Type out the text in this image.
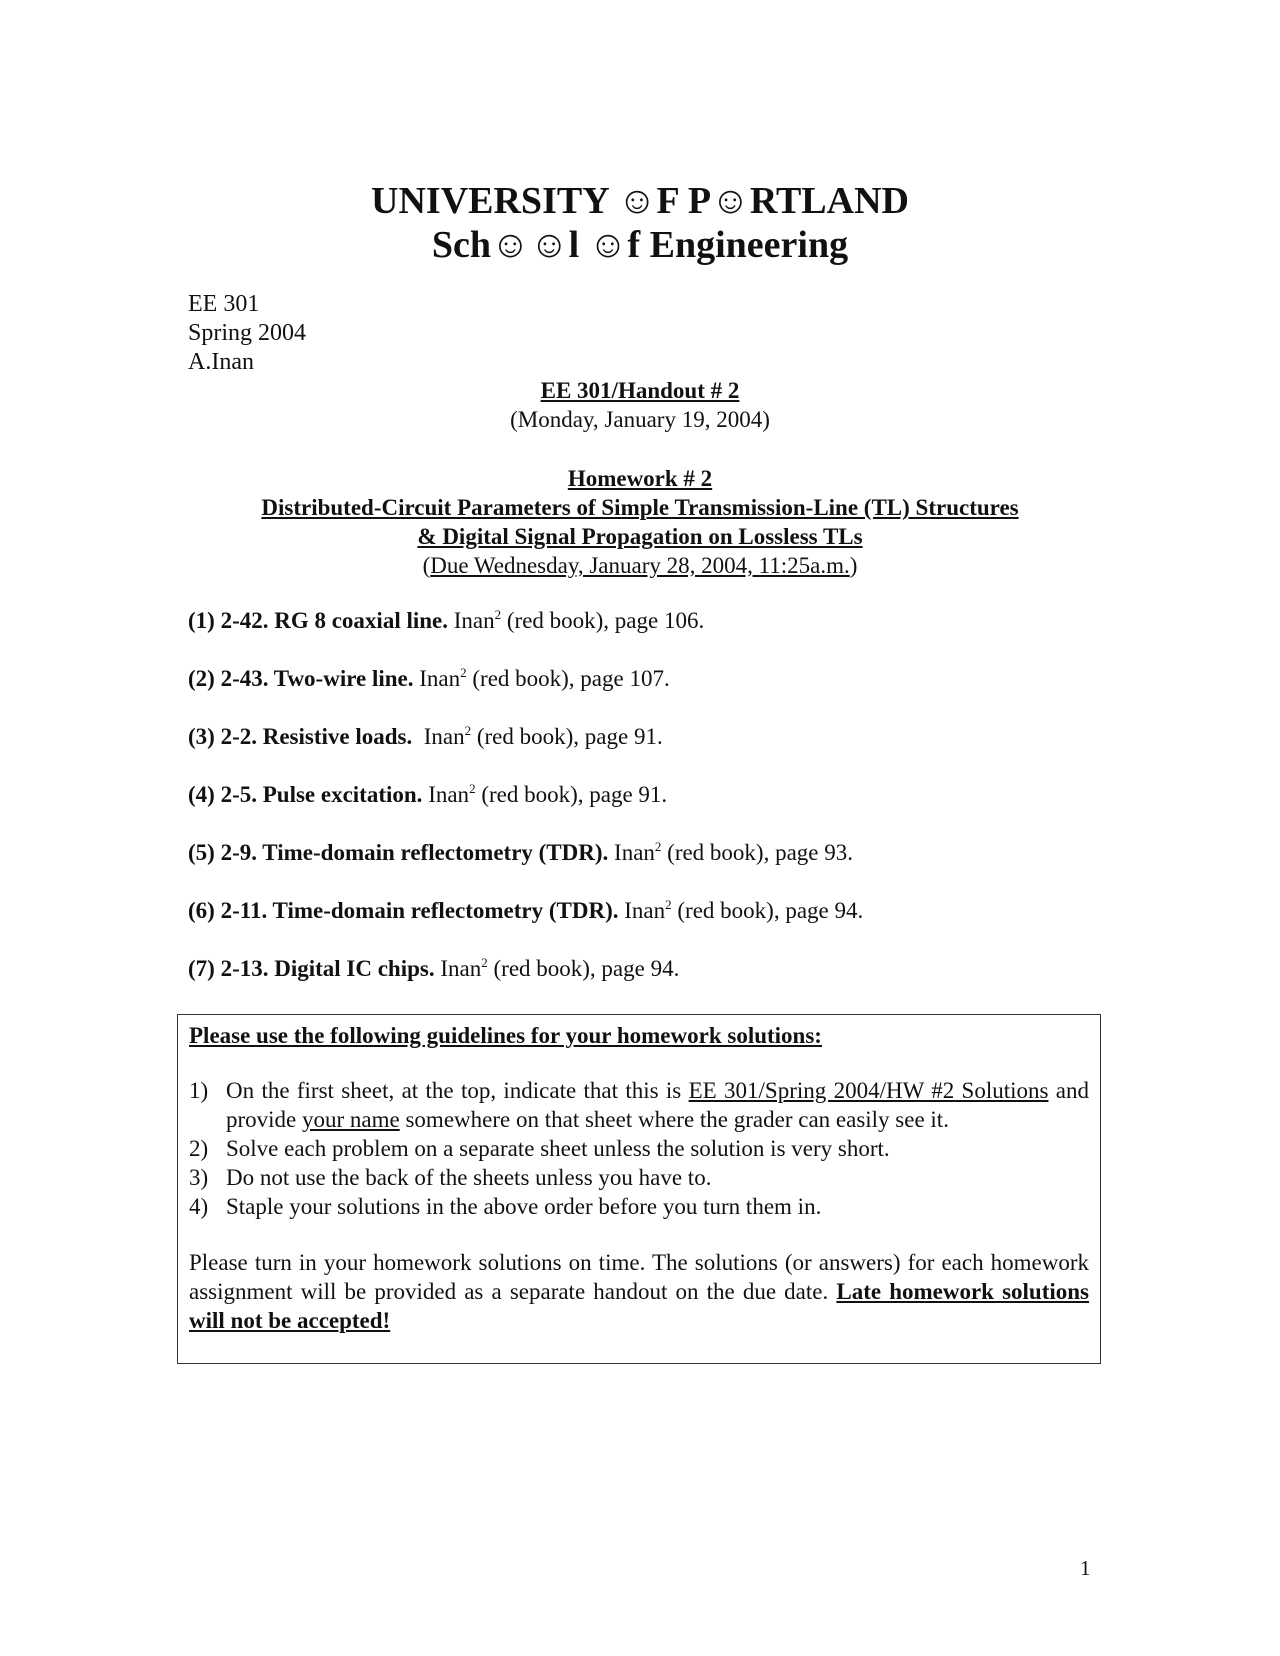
UNIVERSITY ☺F P☺RTLAND
Sch☺☺l ☺f Engineering
EE 301
Spring 2004
A.Inan
EE 301/Handout # 2
(Monday, January 19, 2004)
Homework # 2
Distributed-Circuit Parameters of Simple Transmission-Line (TL) Structures
& Digital Signal Propagation on Lossless TLs
(Due Wednesday, January 28, 2004, 11:25a.m.)
(1) 2-42. RG 8 coaxial line. Inan$^2$ (red book), page 106.
(2) 2-43. Two-wire line. Inan$^2$ (red book), page 107.
(3) 2-2. Resistive loads.  Inan$^2$ (red book), page 91.
(4) 2-5. Pulse excitation. Inan$^2$ (red book), page 91.
(5) 2-9. Time-domain reflectometry (TDR). Inan$^2$ (red book), page 93.
(6) 2-11. Time-domain reflectometry (TDR). Inan$^2$ (red book), page 94.
(7) 2-13. Digital IC chips. Inan$^2$ (red book), page 94.
Please use the following guidelines for your homework solutions:
1) On the first sheet, at the top, indicate that this is EE 301/Spring 2004/HW #2 Solutions and provide your name somewhere on that sheet where the grader can easily see it.
2) Solve each problem on a separate sheet unless the solution is very short.
3) Do not use the back of the sheets unless you have to.
4) Staple your solutions in the above order before you turn them in.
Please turn in your homework solutions on time. The solutions (or answers) for each homework assignment will be provided as a separate handout on the due date. Late homework solutions will not be accepted!
1
